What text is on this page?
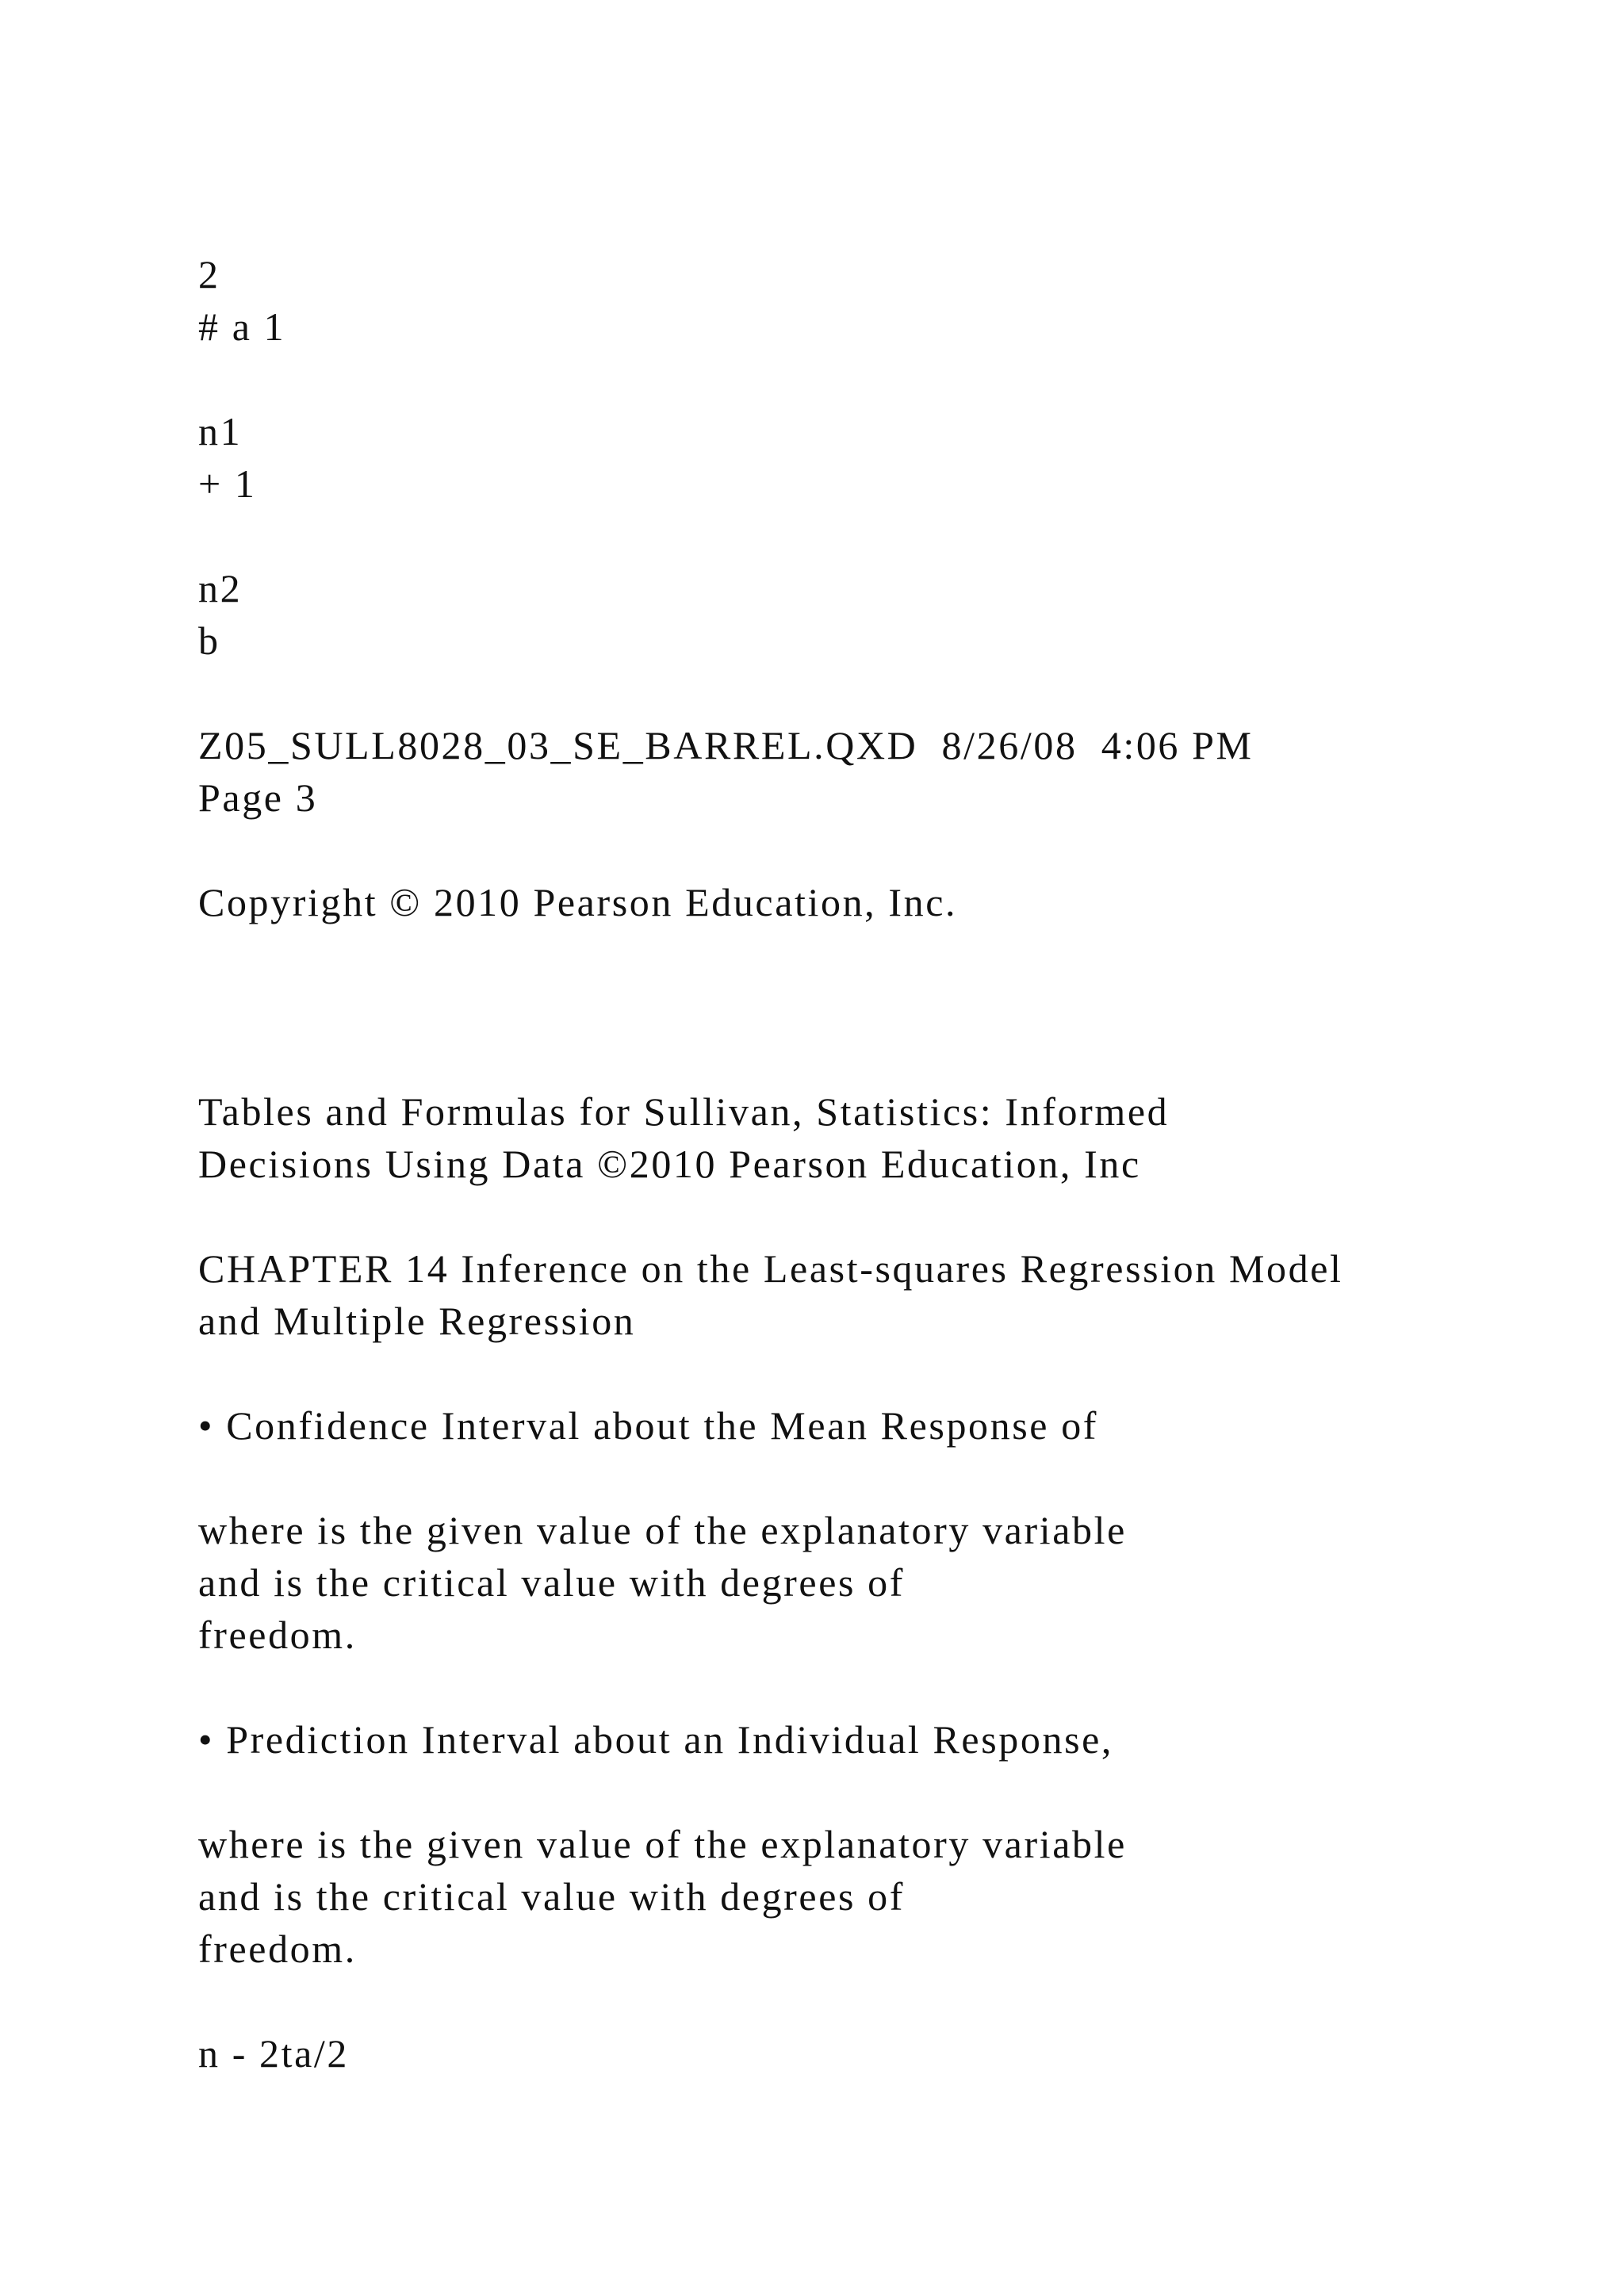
2

# a 1

n1

+ 1

n2

b

Z05_SULL8028_03_SE_BARREL.QXD  8/26/08  4:06 PM

Page 3

Copyright © 2010 Pearson Education, Inc.

Tables and Formulas for Sullivan, Statistics: Informed

Decisions Using Data ©2010 Pearson Education, Inc

CHAPTER 14 Inference on the Least-squares Regression Model

and Multiple Regression

• Confidence Interval about the Mean Response of

where is the given value of the explanatory variable

and is the critical value with degrees of

freedom.

• Prediction Interval about an Individual Response,

where is the given value of the explanatory variable

and is the critical value with degrees of

freedom.

n - 2ta/2
